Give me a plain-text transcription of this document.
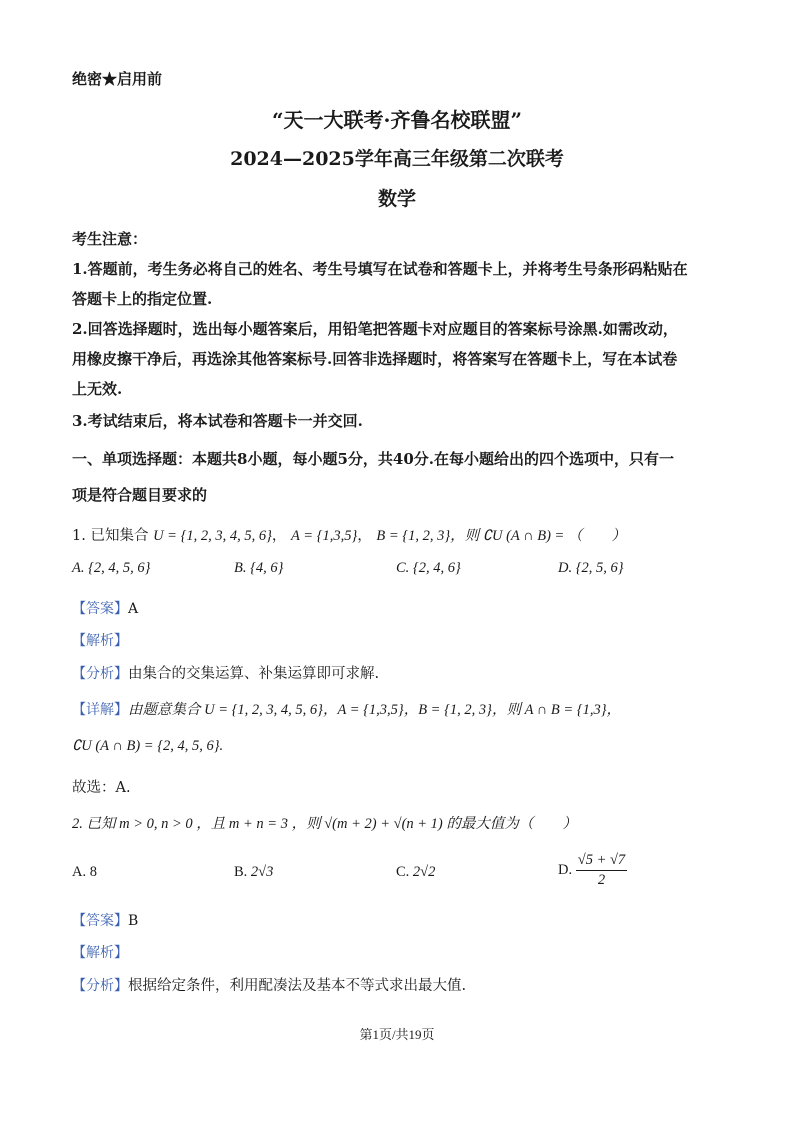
绝密★启用前
“天一大联考·齐鲁名校联盟”
2024—2025学年高三年级第二次联考
数学
考生注意：
1.答题前，考生务必将自己的姓名、考生号填写在试卷和答题卡上，并将考生号条形码粘贴在
答题卡上的指定位置.
2.回答选择题时，选出每小题答案后，用铅笔把答题卡对应题目的答案标号涂黑.如需改动，
用橡皮擦干净后，再选涂其他答案标号.回答非选择题时，将答案写在答题卡上，写在本试卷
上无效.
3.考试结束后，将本试卷和答题卡一并交回.
一、单项选择题：本题共8小题，每小题5分，共40分.在每小题给出的四个选项中，只有一
项是符合题目要求的
1. 已知集合 U = {1, 2, 3, 4, 5, 6}， A = {1,3,5}， B = {1, 2, 3}，则 ∁U (A ∩ B) = （　　）
A. {2, 4, 5, 6}	B. {4, 6}	C. {2, 4, 6}	D. {2, 5, 6}
【答案】A
【解析】
【分析】由集合的交集运算、补集运算即可求解.
【详解】由题意集合 U = {1, 2, 3, 4, 5, 6}，A = {1,3,5}，B = {1, 2, 3}，则 A ∩ B = {1,3}，
∁U (A ∩ B) = {2, 4, 5, 6}.
故选：A.
2. 已知 m > 0, n > 0 ，且 m + n = 3 ，则 √(m + 2) + √(n + 1) 的最大值为（　　）
A. 8	B. 2√3	C. 2√2	D. $\frac{√5 + √7}{2}$
【答案】B
【解析】
【分析】根据给定条件，利用配凑法及基本不等式求出最大值.
第1页/共19页
